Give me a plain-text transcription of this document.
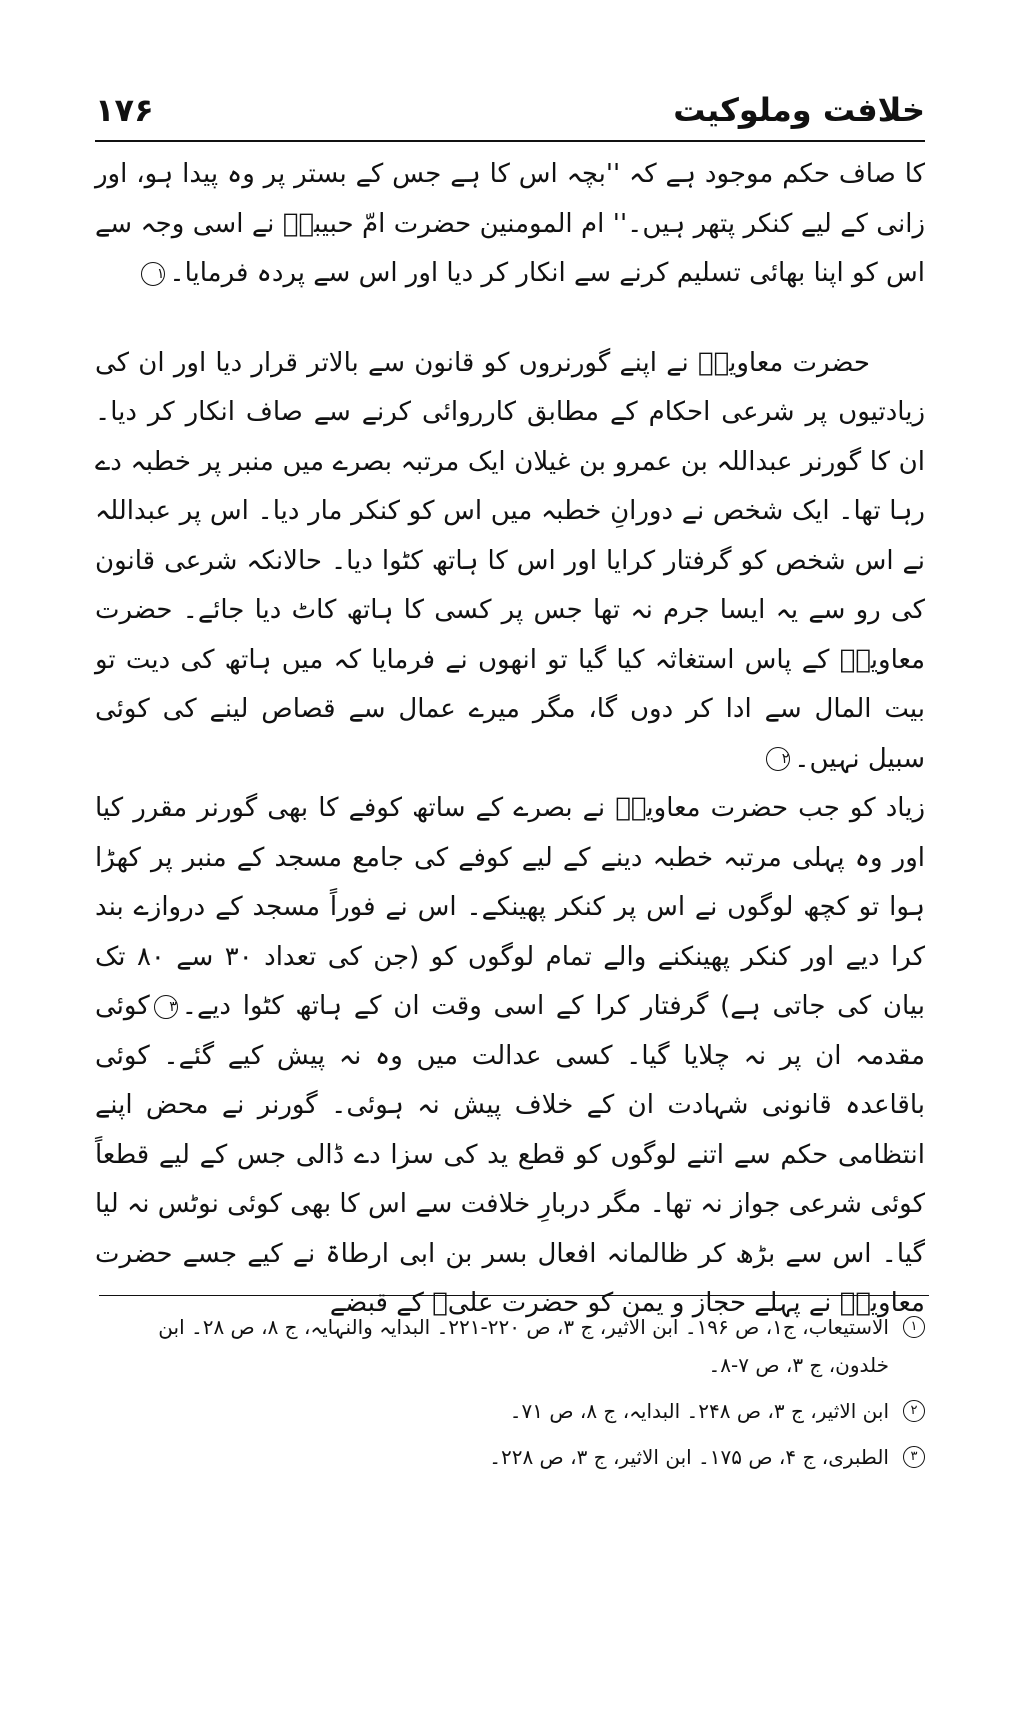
۱۷۶	خلافت وملوکیت

کا صاف حکم موجود ہے کہ ''بچہ اس کا ہے جس کے بستر پر وہ پیدا ہو، اور زانی کے لیے کنکر پتھر ہیں۔'' ام المومنین حضرت امّ حبیبہؓ نے اسی وجہ سے اس کو اپنا بھائی تسلیم کرنے سے انکار کر دیا اور اس سے پردہ فرمایا۔١

حضرت معاویہؓ نے اپنے گورنروں کو قانون سے بالاتر قرار دیا اور ان کی زیادتیوں پر شرعی احکام کے مطابق کارروائی کرنے سے صاف انکار کر دیا۔ ان کا گورنر عبداللہ بن عمرو بن غیلان ایک مرتبہ بصرے میں منبر پر خطبہ دے رہا تھا۔ ایک شخص نے دورانِ خطبہ میں اس کو کنکر مار دیا۔ اس پر عبداللہ نے اس شخص کو گرفتار کرایا اور اس کا ہاتھ کٹوا دیا۔ حالانکہ شرعی قانون کی رو سے یہ ایسا جرم نہ تھا جس پر کسی کا ہاتھ کاٹ دیا جائے۔ حضرت معاویہؓ کے پاس استغاثہ کیا گیا تو انھوں نے فرمایا کہ میں ہاتھ کی دیت تو بیت المال سے ادا کر دوں گا، مگر میرے عمال سے قصاص لینے کی کوئی سبیل نہیں۔٢

زیاد کو جب حضرت معاویہؓ نے بصرے کے ساتھ کوفے کا بھی گورنر مقرر کیا اور وہ پہلی مرتبہ خطبہ دینے کے لیے کوفے کی جامع مسجد کے منبر پر کھڑا ہوا تو کچھ لوگوں نے اس پر کنکر پھینکے۔ اس نے فوراً مسجد کے دروازے بند کرا دیے اور کنکر پھینکنے والے تمام لوگوں کو (جن کی تعداد ۳۰ سے ۸۰ تک بیان کی جاتی ہے) گرفتار کرا کے اسی وقت ان کے ہاتھ کٹوا دیے۔٣کوئی مقدمہ ان پر نہ چلایا گیا۔ کسی عدالت میں وہ نہ پیش کیے گئے۔ کوئی باقاعدہ قانونی شہادت ان کے خلاف پیش نہ ہوئی۔ گورنر نے محض اپنے انتظامی حکم سے اتنے لوگوں کو قطع ید کی سزا دے ڈالی جس کے لیے قطعاً کوئی شرعی جواز نہ تھا۔ مگر دربارِ خلافت سے اس کا بھی کوئی نوٹس نہ لیا گیا۔ اس سے بڑھ کر ظالمانہ افعال بسر بن ابی ارطاۃ نے کیے جسے حضرت معاویہؓ نے پہلے حجاز و یمن کو حضرت علیؓ کے قبضے

١
الاستیعاب، ج۱، ص ۱۹۶۔ ابن الاثیر، ج ۳، ص ۲۲۰-۲۲۱۔ البدایہ والنہایہ، ج ۸، ص ۲۸۔ ابن خلدون، ج ۳، ص ۷-۸۔
٢
ابن الاثیر، ج ۳، ص ۲۴۸۔ البدایہ، ج ۸، ص ۷۱۔
٣
الطبری، ج ۴، ص ۱۷۵۔ ابن الاثیر، ج ۳، ص ۲۲۸۔
